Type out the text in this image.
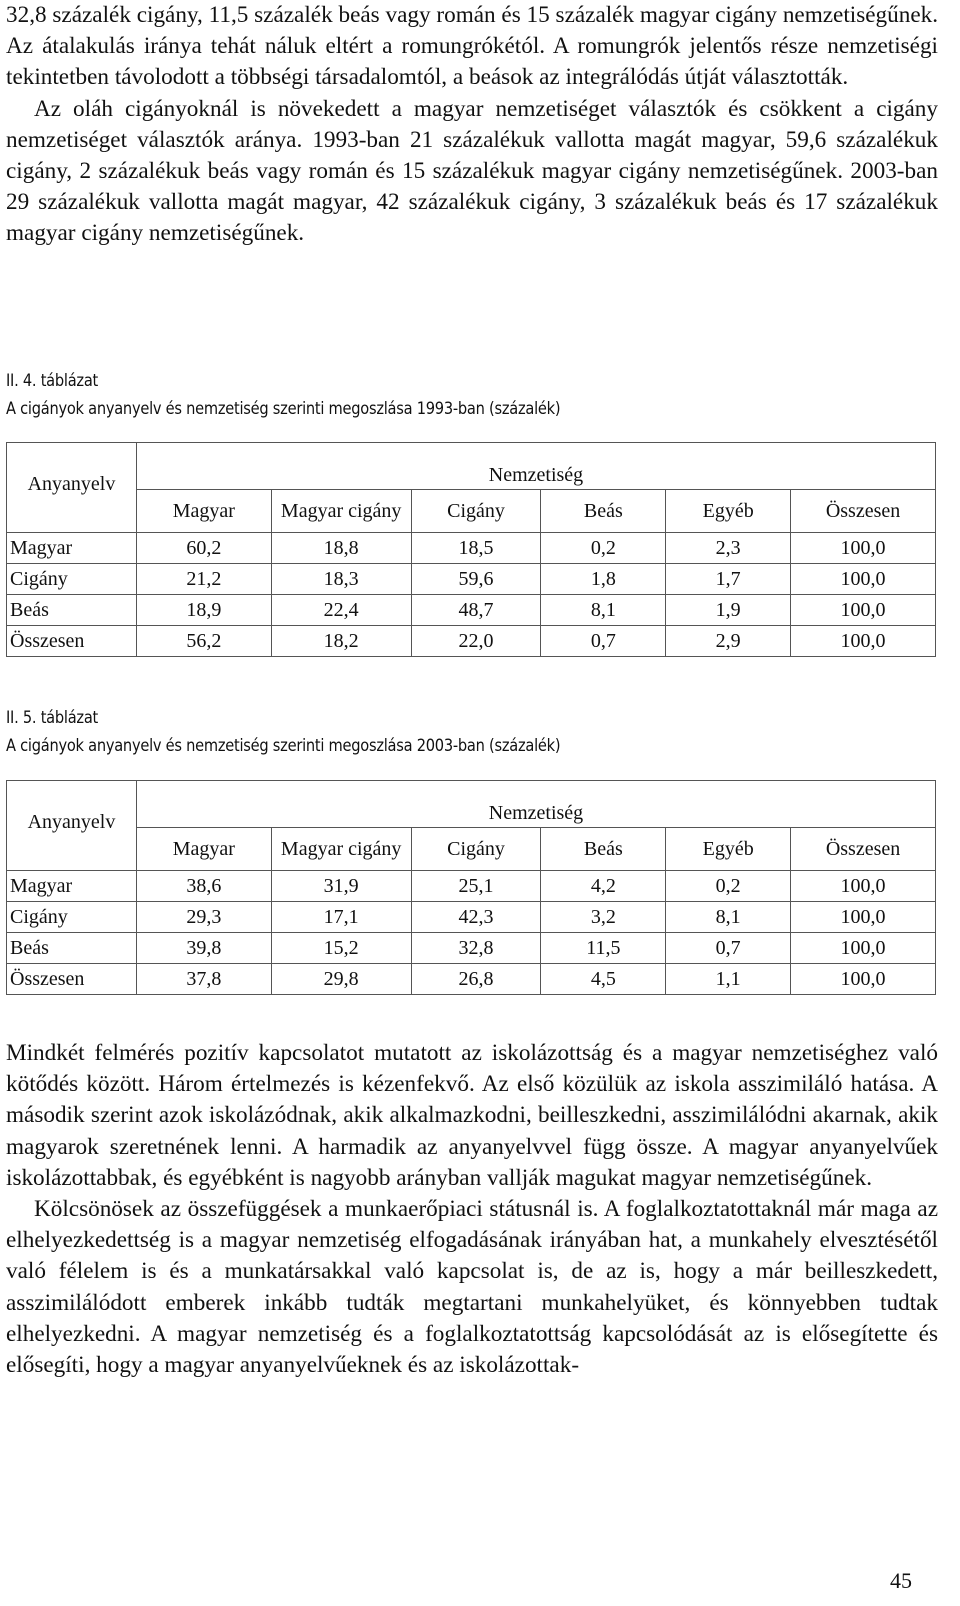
32,8 százalék cigány, 11,5 százalék beás vagy román és 15 százalék magyar cigány nemzetiségűnek. Az átalakulás iránya tehát náluk eltért a romungrókétól. A romungrók jelentős része nemzetiségi tekintetben távolodott a többségi társadalomtól, a beások az integrálódás útját választották.

Az oláh cigányoknál is növekedett a magyar nemzetiséget választók és csökkent a cigány nemzetiséget választók aránya. 1993-ban 21 százalékuk vallotta magát magyar, 59,6 százalékuk cigány, 2 százalékuk beás vagy román és 15 százalékuk magyar cigány nemzetiségűnek. 2003-ban 29 százalékuk vallotta magát magyar, 42 százalékuk cigány, 3 százalékuk beás és 17 százalékuk magyar cigány nemzetiségűnek.

II. 4. táblázat
A cigányok anyanyelv és nemzetiség szerinti megoszlása 1993-ban (százalék)
Anyanyelv	Nemzetiség					
	Magyar	Magyar cigány	Cigány	Beás	Egyéb	Összesen
Magyar	60,2	18,8	18,5	0,2	2,3	100,0
Cigány	21,2	18,3	59,6	1,8	1,7	100,0
Beás	18,9	22,4	48,7	8,1	1,9	100,0
Összesen	56,2	18,2	22,0	0,7	2,9	100,0
II. 5. táblázat
A cigányok anyanyelv és nemzetiség szerinti megoszlása 2003-ban (százalék)
Anyanyelv	Nemzetiség					
	Magyar	Magyar cigány	Cigány	Beás	Egyéb	Összesen
Magyar	38,6	31,9	25,1	4,2	0,2	100,0
Cigány	29,3	17,1	42,3	3,2	8,1	100,0
Beás	39,8	15,2	32,8	11,5	0,7	100,0
Összesen	37,8	29,8	26,8	4,5	1,1	100,0

Mindkét felmérés pozitív kapcsolatot mutatott az iskolázottság és a magyar nemzetiséghez való kötődés között. Három értelmezés is kézenfekvő. Az első közülük az iskola asszimiláló hatása. A második szerint azok iskolázódnak, akik alkalmazkodni, beilleszkedni, asszimilálódni akarnak, akik magyarok szeretnének lenni. A harmadik az anyanyelvvel függ össze. A magyar anyanyelvűek iskolázottabbak, és egyébként is nagyobb arányban vallják magukat magyar nemzetiségűnek.

Kölcsönösek az összefüggések a munkaerőpiaci státusnál is. A foglalkoztatottaknál már maga az elhelyezkedettség is a magyar nemzetiség elfogadásának irányában hat, a munkahely elvesztésétől való félelem is és a munkatársakkal való kapcsolat is, de az is, hogy a már beilleszkedett, asszimilálódott emberek inkább tudták megtartani munkahelyüket, és könnyebben tudtak elhelyezkedni. A magyar nemzetiség és a foglalkoztatottság kapcsolódását az is elősegítette és elősegíti, hogy a magyar anyanyelvűeknek és az iskolázottak-

45
